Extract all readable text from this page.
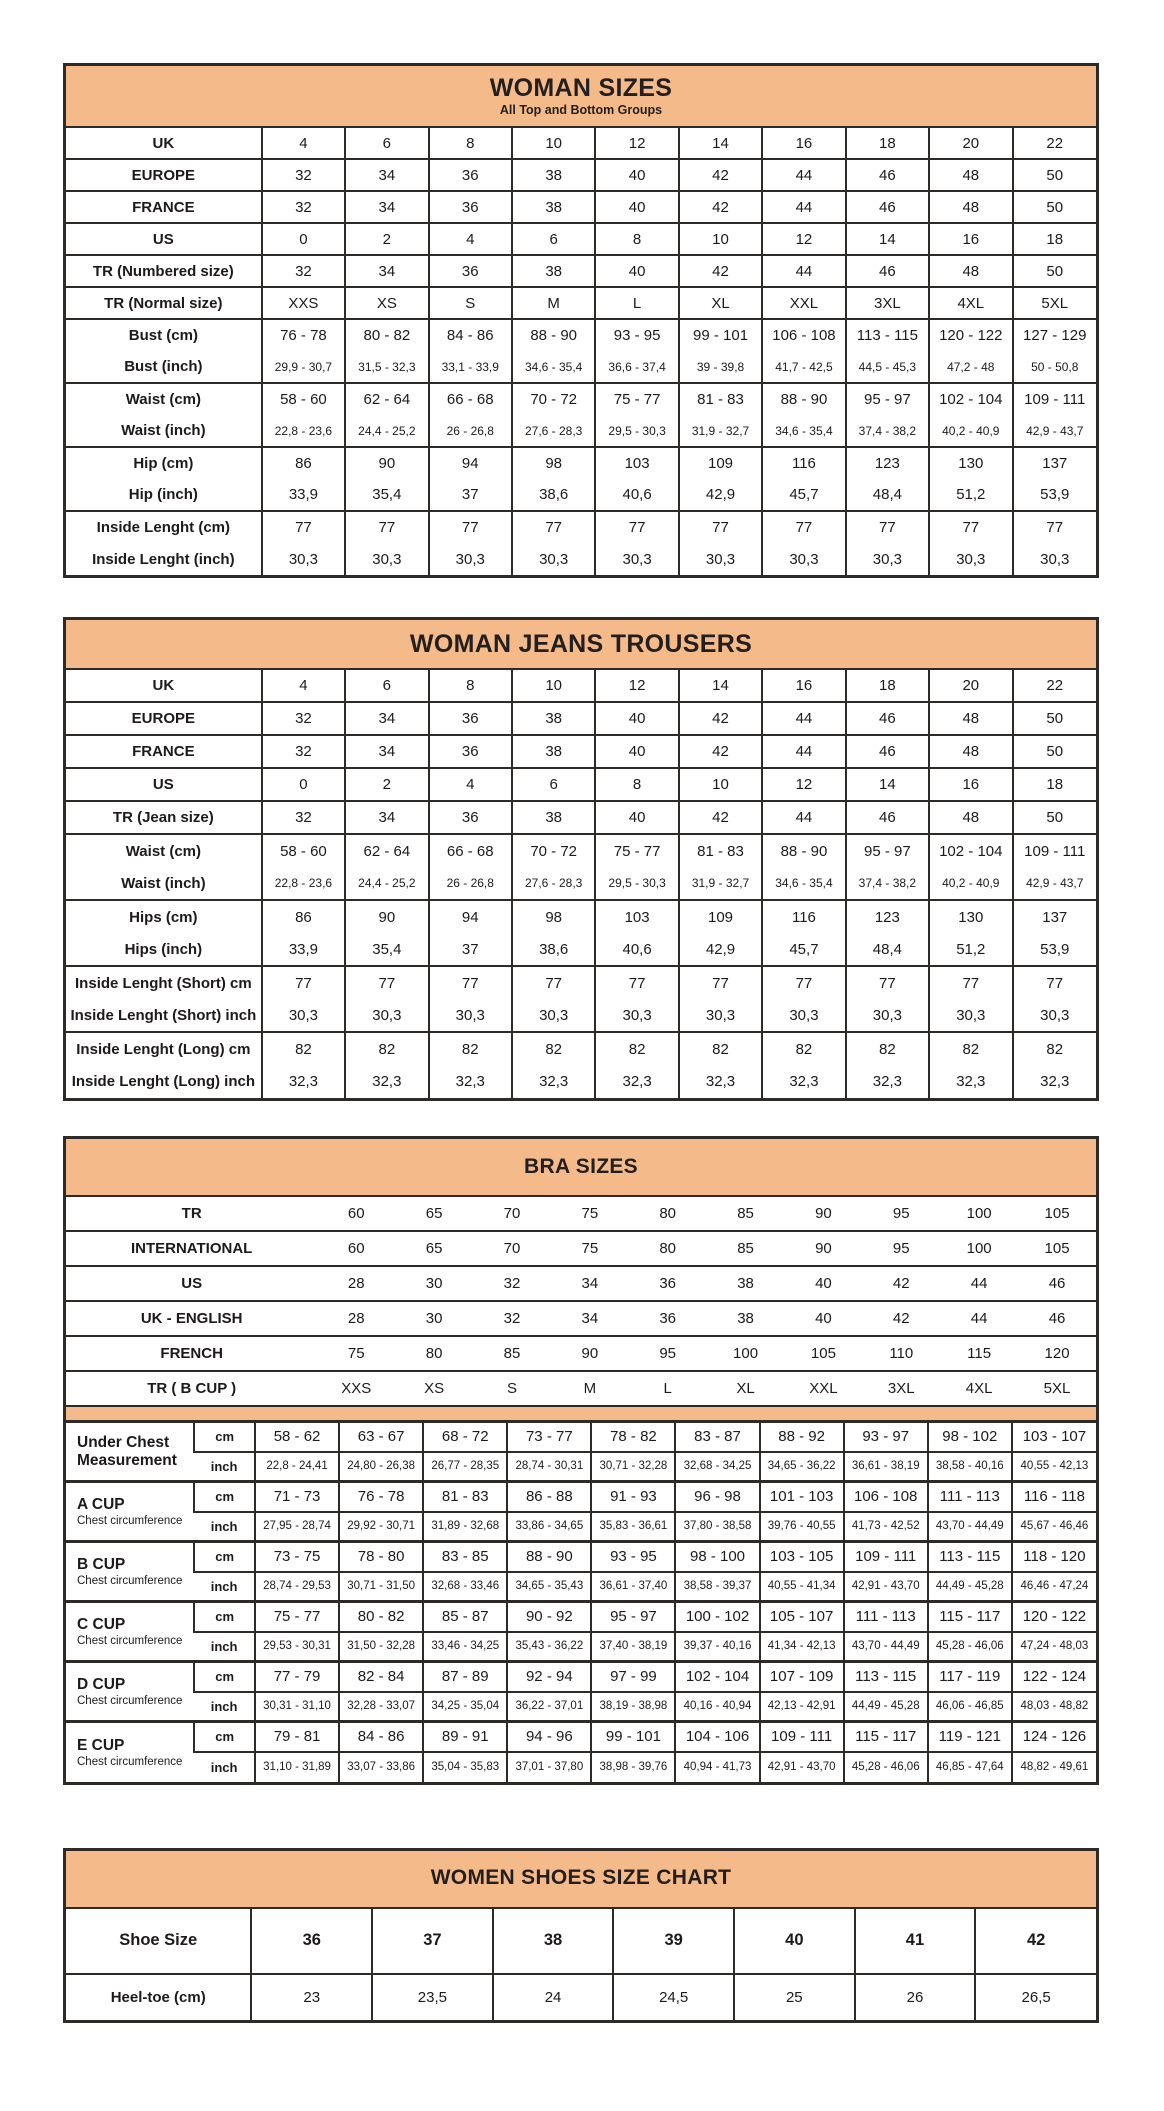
WOMAN SIZES
All Top and Bottom Groups
UK	4	6	8	10	12	14	16	18	20	22
EUROPE	32	34	36	38	40	42	44	46	48	50
FRANCE	32	34	36	38	40	42	44	46	48	50
US	0	2	4	6	8	10	12	14	16	18
TR (Numbered size)	32	34	36	38	40	42	44	46	48	50
TR (Normal size)	XXS	XS	S	M	L	XL	XXL	3XL	4XL	5XL
Bust (cm)	76 - 78	80 - 82	84 - 86	88 - 90	93 - 95	99 - 101	106 - 108	113 - 115	120 - 122	127 - 129
Bust (inch)	29,9 - 30,7	31,5 - 32,3	33,1 - 33,9	34,6 - 35,4	36,6 - 37,4	39 - 39,8	41,7 - 42,5	44,5 - 45,3	47,2 - 48	50 - 50,8
Waist (cm)	58 - 60	62 - 64	66 - 68	70 - 72	75 - 77	81 - 83	88 - 90	95 - 97	102 - 104	109 - 111
Waist (inch)	22,8 - 23,6	24,4 - 25,2	26 - 26,8	27,6 - 28,3	29,5 - 30,3	31,9 - 32,7	34,6 - 35,4	37,4 - 38,2	40,2 - 40,9	42,9 - 43,7
Hip (cm)	86	90	94	98	103	109	116	123	130	137
Hip (inch)	33,9	35,4	37	38,6	40,6	42,9	45,7	48,4	51,2	53,9
Inside Lenght (cm)	77	77	77	77	77	77	77	77	77	77
Inside Lenght (inch)	30,3	30,3	30,3	30,3	30,3	30,3	30,3	30,3	30,3	30,3
WOMAN JEANS TROUSERS
UK	4	6	8	10	12	14	16	18	20	22
EUROPE	32	34	36	38	40	42	44	46	48	50
FRANCE	32	34	36	38	40	42	44	46	48	50
US	0	2	4	6	8	10	12	14	16	18
TR (Jean size)	32	34	36	38	40	42	44	46	48	50
Waist (cm)	58 - 60	62 - 64	66 - 68	70 - 72	75 - 77	81 - 83	88 - 90	95 - 97	102 - 104	109 - 111
Waist (inch)	22,8 - 23,6	24,4 - 25,2	26 - 26,8	27,6 - 28,3	29,5 - 30,3	31,9 - 32,7	34,6 - 35,4	37,4 - 38,2	40,2 - 40,9	42,9 - 43,7
Hips (cm)	86	90	94	98	103	109	116	123	130	137
Hips (inch)	33,9	35,4	37	38,6	40,6	42,9	45,7	48,4	51,2	53,9
Inside Lenght (Short) cm	77	77	77	77	77	77	77	77	77	77
Inside Lenght (Short) inch	30,3	30,3	30,3	30,3	30,3	30,3	30,3	30,3	30,3	30,3
Inside Lenght (Long) cm	82	82	82	82	82	82	82	82	82	82
Inside Lenght (Long) inch	32,3	32,3	32,3	32,3	32,3	32,3	32,3	32,3	32,3	32,3
BRA SIZES
TR	60	65	70	75	80	85	90	95	100	105
INTERNATIONAL	60	65	70	75	80	85	90	95	100	105
US	28	30	32	34	36	38	40	42	44	46
UK - ENGLISH	28	30	32	34	36	38	40	42	44	46
FRENCH	75	80	85	90	95	100	105	110	115	120
TR ( B CUP )	XXS	XS	S	M	L	XL	XXL	3XL	4XL	5XL
Under Chest Measurement	cm	58 - 62	63 - 67	68 - 72	73 - 77	78 - 82	83 - 87	88 - 92	93 - 97	98 - 102	103 - 107
	inch	22,8 - 24,41	24,80 - 26,38	26,77 - 28,35	28,74 - 30,31	30,71 - 32,28	32,68 - 34,25	34,65 - 36,22	36,61 - 38,19	38,58 - 40,16	40,55 - 42,13

A CUP
Chest circumference	cm	71 - 73	76 - 78	81 - 83	86 - 88	91 - 93	96 - 98	101 - 103	106 - 108	111 - 113	116 - 118
	inch	27,95 - 28,74	29,92 - 30,71	31,89 - 32,68	33,86 - 34,65	35,83 - 36,61	37,80 - 38,58	39,76 - 40,55	41,73 - 42,52	43,70 - 44,49	45,67 - 46,46

B CUP
Chest circumference	cm	73 - 75	78 - 80	83 - 85	88 - 90	93 - 95	98 - 100	103 - 105	109 - 111	113 - 115	118 - 120
	inch	28,74 - 29,53	30,71 - 31,50	32,68 - 33,46	34,65 - 35,43	36,61 - 37,40	38,58 - 39,37	40,55 - 41,34	42,91 - 43,70	44,49 - 45,28	46,46 - 47,24

C CUP
Chest circumference	cm	75 - 77	80 - 82	85 - 87	90 - 92	95 - 97	100 - 102	105 - 107	111 - 113	115 - 117	120 - 122
	inch	29,53 - 30,31	31,50 - 32,28	33,46 - 34,25	35,43 - 36,22	37,40 - 38,19	39,37 - 40,16	41,34 - 42,13	43,70 - 44,49	45,28 - 46,06	47,24 - 48,03

D CUP
Chest circumference	cm	77 - 79	82 - 84	87 - 89	92 - 94	97 - 99	102 - 104	107 - 109	113 - 115	117 - 119	122 - 124
	inch	30,31 - 31,10	32,28 - 33,07	34,25 - 35,04	36,22 - 37,01	38,19 - 38,98	40,16 - 40,94	42,13 - 42,91	44,49 - 45,28	46,06 - 46,85	48,03 - 48,82

E CUP
Chest circumference	cm	79 - 81	84 - 86	89 - 91	94 - 96	99 - 101	104 - 106	109 - 111	115 - 117	119 - 121	124 - 126
	inch	31,10 - 31,89	33,07 - 33,86	35,04 - 35,83	37,01 - 37,80	38,98 - 39,76	40,94 - 41,73	42,91 - 43,70	45,28 - 46,06	46,85 - 47,64	48,82 - 49,61
WOMEN SHOES SIZE CHART
Shoe Size	36	37	38	39	40	41	42
Heel-toe (cm)	23	23,5	24	24,5	25	26	26,5
